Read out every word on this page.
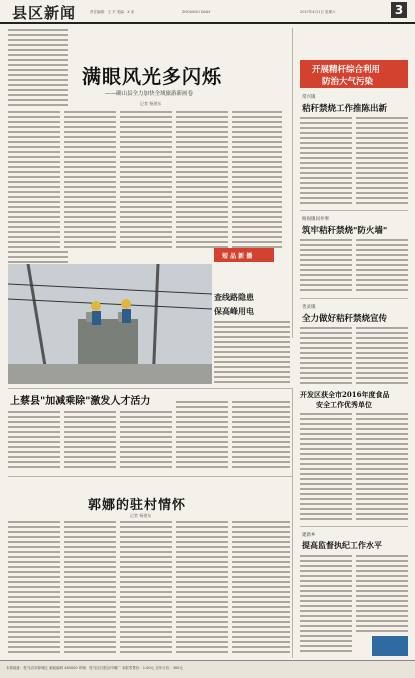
县区新闻	责任编辑：王 平 美编：X 宋	ZHOUKOU DAILY	2017年4月1日 星期六	3
满眼风光多闪烁
——确山县全力加快全域旅游新画卷
记者 杨建东
开展精杆综合利用
防治大气污染
常兴镇
秸秆禁烧工作推陈出新
杨岗镇问井事
筑牢秸秆禁烧"防火墙"
善灵镇
全力做好秸秆禁烧宣传
短 品 新 播
查线路隐患
保高峰用电
上蔡县"加减乘除"激发人才活力
郭娜的驻村情怀
记者 杨建东
开发区获全市2016年度食品
安全工作优秀单位
建新乡
提高监督执纪工作水平
本报地址：驻马店市驿城区 邮政编码 463000 印刷：驻马店日报社印刷厂 本报零售价：1.00元 全年订价：300元
